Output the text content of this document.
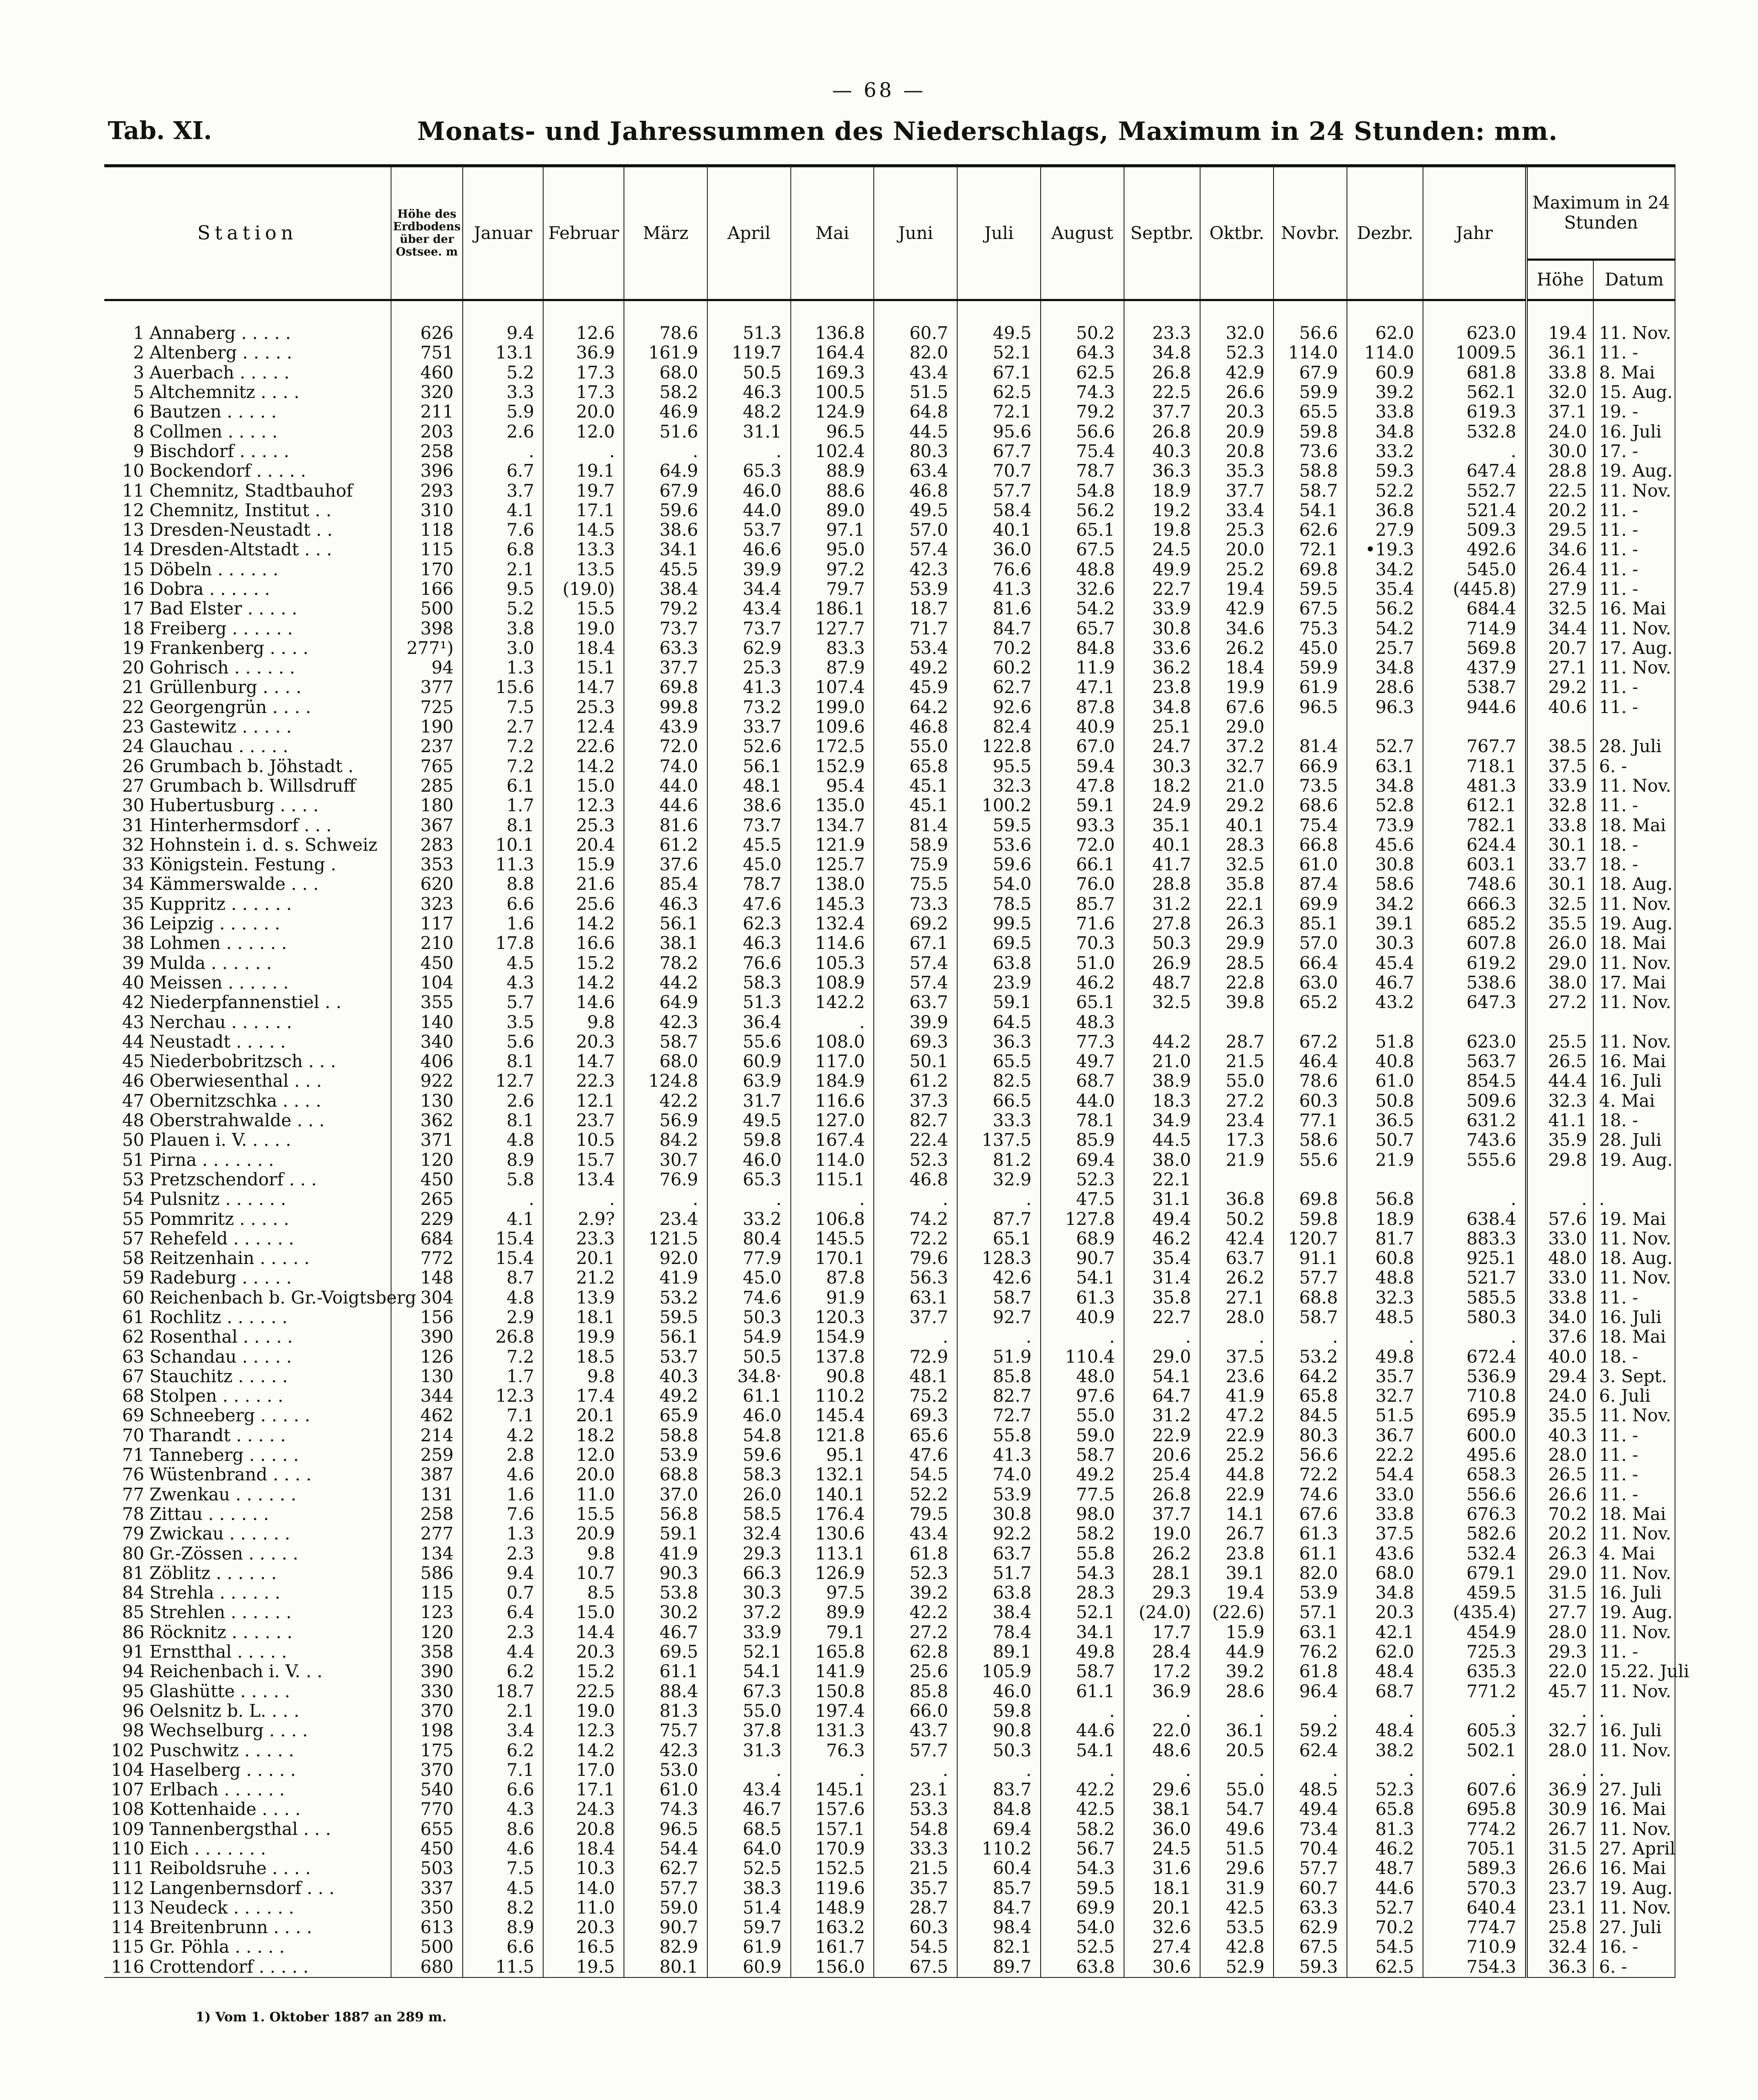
— 68 —
Tab. XI.	Monats- und Jahressummen des Niederschlags, Maximum in 24 Stunden: mm.
Station	Höhe des Erdbodens über der Ostsee. m	Januar	Februar	März	April	Mai	Juni	Juli	August	Septbr.	Oktbr.	Novbr.	Dezbr.	Jahr	Maximum in 24 Stunden	
															Höhe	Datum
1 Annaberg . . . . .	626	9.4	12.6	78.6	51.3	136.8	60.7	49.5	50.2	23.3	32.0	56.6	62.0	623.0	19.4	11. Nov.
2 Altenberg . . . . .	751	13.1	36.9	161.9	119.7	164.4	82.0	52.1	64.3	34.8	52.3	114.0	114.0	1009.5	36.1	11. -
3 Auerbach . . . . .	460	5.2	17.3	68.0	50.5	169.3	43.4	67.1	62.5	26.8	42.9	67.9	60.9	681.8	33.8	8. Mai
5 Altchemnitz . . . .	320	3.3	17.3	58.2	46.3	100.5	51.5	62.5	74.3	22.5	26.6	59.9	39.2	562.1	32.0	15. Aug.
6 Bautzen . . . . .	211	5.9	20.0	46.9	48.2	124.9	64.8	72.1	79.2	37.7	20.3	65.5	33.8	619.3	37.1	19. -
8 Collmen . . . . .	203	2.6	12.0	51.6	31.1	96.5	44.5	95.6	56.6	26.8	20.9	59.8	34.8	532.8	24.0	16. Juli
9 Bischdorf . . . . .	258	.	.	.	.	102.4	80.3	67.7	75.4	40.3	20.8	73.6	33.2	.	30.0	17. -
10 Bockendorf . . . . .	396	6.7	19.1	64.9	65.3	88.9	63.4	70.7	78.7	36.3	35.3	58.8	59.3	647.4	28.8	19. Aug.
11 Chemnitz, Stadtbauhof	293	3.7	19.7	67.9	46.0	88.6	46.8	57.7	54.8	18.9	37.7	58.7	52.2	552.7	22.5	11. Nov.
12 Chemnitz, Institut . .	310	4.1	17.1	59.6	44.0	89.0	49.5	58.4	56.2	19.2	33.4	54.1	36.8	521.4	20.2	11. -
13 Dresden-Neustadt . .	118	7.6	14.5	38.6	53.7	97.1	57.0	40.1	65.1	19.8	25.3	62.6	27.9	509.3	29.5	11. -
14 Dresden-Altstadt . . .	115	6.8	13.3	34.1	46.6	95.0	57.4	36.0	67.5	24.5	20.0	72.1	•19.3	492.6	34.6	11. -
15 Döbeln . . . . . .	170	2.1	13.5	45.5	39.9	97.2	42.3	76.6	48.8	49.9	25.2	69.8	34.2	545.0	26.4	11. -
16 Dobra . . . . . .	166	9.5	(19.0)	38.4	34.4	79.7	53.9	41.3	32.6	22.7	19.4	59.5	35.4	(445.8)	27.9	11. -
17 Bad Elster . . . . .	500	5.2	15.5	79.2	43.4	186.1	18.7	81.6	54.2	33.9	42.9	67.5	56.2	684.4	32.5	16. Mai
18 Freiberg . . . . . .	398	3.8	19.0	73.7	73.7	127.7	71.7	84.7	65.7	30.8	34.6	75.3	54.2	714.9	34.4	11. Nov.
19 Frankenberg . . . .	277¹)	3.0	18.4	63.3	62.9	83.3	53.4	70.2	84.8	33.6	26.2	45.0	25.7	569.8	20.7	17. Aug.
20 Gohrisch . . . . . .	94	1.3	15.1	37.7	25.3	87.9	49.2	60.2	11.9	36.2	18.4	59.9	34.8	437.9	27.1	11. Nov.
21 Grüllenburg . . . .	377	15.6	14.7	69.8	41.3	107.4	45.9	62.7	47.1	23.8	19.9	61.9	28.6	538.7	29.2	11. -
22 Georgengrün . . . .	725	7.5	25.3	99.8	73.2	199.0	64.2	92.6	87.8	34.8	67.6	96.5	96.3	944.6	40.6	11. -
23 Gastewitz . . . . .	190	2.7	12.4	43.9	33.7	109.6	46.8	82.4	40.9	25.1	29.0					
24 Glauchau . . . . .	237	7.2	22.6	72.0	52.6	172.5	55.0	122.8	67.0	24.7	37.2	81.4	52.7	767.7	38.5	28. Juli
26 Grumbach b. Jöhstadt .	765	7.2	14.2	74.0	56.1	152.9	65.8	95.5	59.4	30.3	32.7	66.9	63.1	718.1	37.5	6. -
27 Grumbach b. Willsdruff	285	6.1	15.0	44.0	48.1	95.4	45.1	32.3	47.8	18.2	21.0	73.5	34.8	481.3	33.9	11. Nov.
30 Hubertusburg . . . .	180	1.7	12.3	44.6	38.6	135.0	45.1	100.2	59.1	24.9	29.2	68.6	52.8	612.1	32.8	11. -
31 Hinterhermsdorf . . .	367	8.1	25.3	81.6	73.7	134.7	81.4	59.5	93.3	35.1	40.1	75.4	73.9	782.1	33.8	18. Mai
32 Hohnstein i. d. s. Schweiz	283	10.1	20.4	61.2	45.5	121.9	58.9	53.6	72.0	40.1	28.3	66.8	45.6	624.4	30.1	18. -
33 Königstein. Festung .	353	11.3	15.9	37.6	45.0	125.7	75.9	59.6	66.1	41.7	32.5	61.0	30.8	603.1	33.7	18. -
34 Kämmerswalde . . .	620	8.8	21.6	85.4	78.7	138.0	75.5	54.0	76.0	28.8	35.8	87.4	58.6	748.6	30.1	18. Aug.
35 Kuppritz . . . . . .	323	6.6	25.6	46.3	47.6	145.3	73.3	78.5	85.7	31.2	22.1	69.9	34.2	666.3	32.5	11. Nov.
36 Leipzig . . . . . .	117	1.6	14.2	56.1	62.3	132.4	69.2	99.5	71.6	27.8	26.3	85.1	39.1	685.2	35.5	19. Aug.
38 Lohmen . . . . . .	210	17.8	16.6	38.1	46.3	114.6	67.1	69.5	70.3	50.3	29.9	57.0	30.3	607.8	26.0	18. Mai
39 Mulda . . . . . .	450	4.5	15.2	78.2	76.6	105.3	57.4	63.8	51.0	26.9	28.5	66.4	45.4	619.2	29.0	11. Nov.
40 Meissen . . . . . .	104	4.3	14.2	44.2	58.3	108.9	57.4	23.9	46.2	48.7	22.8	63.0	46.7	538.6	38.0	17. Mai
42 Niederpfannenstiel . .	355	5.7	14.6	64.9	51.3	142.2	63.7	59.1	65.1	32.5	39.8	65.2	43.2	647.3	27.2	11. Nov.
43 Nerchau . . . . . .	140	3.5	9.8	42.3	36.4	.	39.9	64.5	48.3							
44 Neustadt . . . . .	340	5.6	20.3	58.7	55.6	108.0	69.3	36.3	77.3	44.2	28.7	67.2	51.8	623.0	25.5	11. Nov.
45 Niederbobritzsch . . .	406	8.1	14.7	68.0	60.9	117.0	50.1	65.5	49.7	21.0	21.5	46.4	40.8	563.7	26.5	16. Mai
46 Oberwiesenthal . . .	922	12.7	22.3	124.8	63.9	184.9	61.2	82.5	68.7	38.9	55.0	78.6	61.0	854.5	44.4	16. Juli
47 Obernitzschka . . . .	130	2.6	12.1	42.2	31.7	116.6	37.3	66.5	44.0	18.3	27.2	60.3	50.8	509.6	32.3	4. Mai
48 Oberstrahwalde . . .	362	8.1	23.7	56.9	49.5	127.0	82.7	33.3	78.1	34.9	23.4	77.1	36.5	631.2	41.1	18. -
50 Plauen i. V. . . . .	371	4.8	10.5	84.2	59.8	167.4	22.4	137.5	85.9	44.5	17.3	58.6	50.7	743.6	35.9	28. Juli
51 Pirna . . . . . . .	120	8.9	15.7	30.7	46.0	114.0	52.3	81.2	69.4	38.0	21.9	55.6	21.9	555.6	29.8	19. Aug.
53 Pretzschendorf . . .	450	5.8	13.4	76.9	65.3	115.1	46.8	32.9	52.3	22.1						
54 Pulsnitz . . . . . .	265	.	.	.	.	.	.	.	47.5	31.1	36.8	69.8	56.8	.	.	.
55 Pommritz . . . . .	229	4.1	2.9?	23.4	33.2	106.8	74.2	87.7	127.8	49.4	50.2	59.8	18.9	638.4	57.6	19. Mai
57 Rehefeld . . . . . .	684	15.4	23.3	121.5	80.4	145.5	72.2	65.1	68.9	46.2	42.4	120.7	81.7	883.3	33.0	11. Nov.
58 Reitzenhain . . . . .	772	15.4	20.1	92.0	77.9	170.1	79.6	128.3	90.7	35.4	63.7	91.1	60.8	925.1	48.0	18. Aug.
59 Radeburg . . . . .	148	8.7	21.2	41.9	45.0	87.8	56.3	42.6	54.1	31.4	26.2	57.7	48.8	521.7	33.0	11. Nov.
60 Reichenbach b. Gr.-Voigtsberg	304	4.8	13.9	53.2	74.6	91.9	63.1	58.7	61.3	35.8	27.1	68.8	32.3	585.5	33.8	11. -
61 Rochlitz . . . . . .	156	2.9	18.1	59.5	50.3	120.3	37.7	92.7	40.9	22.7	28.0	58.7	48.5	580.3	34.0	16. Juli
62 Rosenthal . . . . .	390	26.8	19.9	56.1	54.9	154.9	.	.	.	.	.	.	.	.	37.6	18. Mai
63 Schandau . . . . .	126	7.2	18.5	53.7	50.5	137.8	72.9	51.9	110.4	29.0	37.5	53.2	49.8	672.4	40.0	18. -
67 Stauchitz . . . . .	130	1.7	9.8	40.3	34.8·	90.8	48.1	85.8	48.0	54.1	23.6	64.2	35.7	536.9	29.4	3. Sept.
68 Stolpen . . . . . .	344	12.3	17.4	49.2	61.1	110.2	75.2	82.7	97.6	64.7	41.9	65.8	32.7	710.8	24.0	6. Juli
69 Schneeberg . . . . .	462	7.1	20.1	65.9	46.0	145.4	69.3	72.7	55.0	31.2	47.2	84.5	51.5	695.9	35.5	11. Nov.
70 Tharandt . . . . .	214	4.2	18.2	58.8	54.8	121.8	65.6	55.8	59.0	22.9	22.9	80.3	36.7	600.0	40.3	11. -
71 Tanneberg . . . . .	259	2.8	12.0	53.9	59.6	95.1	47.6	41.3	58.7	20.6	25.2	56.6	22.2	495.6	28.0	11. -
76 Wüstenbrand . . . .	387	4.6	20.0	68.8	58.3	132.1	54.5	74.0	49.2	25.4	44.8	72.2	54.4	658.3	26.5	11. -
77 Zwenkau . . . . . .	131	1.6	11.0	37.0	26.0	140.1	52.2	53.9	77.5	26.8	22.9	74.6	33.0	556.6	26.6	11. -
78 Zittau . . . . . .	258	7.6	15.5	56.8	58.5	176.4	79.5	30.8	98.0	37.7	14.1	67.6	33.8	676.3	70.2	18. Mai
79 Zwickau . . . . . .	277	1.3	20.9	59.1	32.4	130.6	43.4	92.2	58.2	19.0	26.7	61.3	37.5	582.6	20.2	11. Nov.
80 Gr.-Zössen . . . . .	134	2.3	9.8	41.9	29.3	113.1	61.8	63.7	55.8	26.2	23.8	61.1	43.6	532.4	26.3	4. Mai
81 Zöblitz . . . . . .	586	9.4	10.7	90.3	66.3	126.9	52.3	51.7	54.3	28.1	39.1	82.0	68.0	679.1	29.0	11. Nov.
84 Strehla . . . . . .	115	0.7	8.5	53.8	30.3	97.5	39.2	63.8	28.3	29.3	19.4	53.9	34.8	459.5	31.5	16. Juli
85 Strehlen . . . . . .	123	6.4	15.0	30.2	37.2	89.9	42.2	38.4	52.1	(24.0)	(22.6)	57.1	20.3	(435.4)	27.7	19. Aug.
86 Röcknitz . . . . . .	120	2.3	14.4	46.7	33.9	79.1	27.2	78.4	34.1	17.7	15.9	63.1	42.1	454.9	28.0	11. Nov.
91 Ernstthal . . . . .	358	4.4	20.3	69.5	52.1	165.8	62.8	89.1	49.8	28.4	44.9	76.2	62.0	725.3	29.3	11. -
94 Reichenbach i. V. . .	390	6.2	15.2	61.1	54.1	141.9	25.6	105.9	58.7	17.2	39.2	61.8	48.4	635.3	22.0	15.22. Juli
95 Glashütte . . . . .	330	18.7	22.5	88.4	67.3	150.8	85.8	46.0	61.1	36.9	28.6	96.4	68.7	771.2	45.7	11. Nov.
96 Oelsnitz b. L. . . .	370	2.1	19.0	81.3	55.0	197.4	66.0	59.8	.	.	.	.	.	.	.	.
98 Wechselburg . . . .	198	3.4	12.3	75.7	37.8	131.3	43.7	90.8	44.6	22.0	36.1	59.2	48.4	605.3	32.7	16. Juli
102 Puschwitz . . . . .	175	6.2	14.2	42.3	31.3	76.3	57.7	50.3	54.1	48.6	20.5	62.4	38.2	502.1	28.0	11. Nov.
104 Haselberg . . . . .	370	7.1	17.0	53.0	.	.	.	.	.	.	.	.	.	.	.	.
107 Erlbach . . . . . .	540	6.6	17.1	61.0	43.4	145.1	23.1	83.7	42.2	29.6	55.0	48.5	52.3	607.6	36.9	27. Juli
108 Kottenhaide . . . .	770	4.3	24.3	74.3	46.7	157.6	53.3	84.8	42.5	38.1	54.7	49.4	65.8	695.8	30.9	16. Mai
109 Tannenbergsthal . . .	655	8.6	20.8	96.5	68.5	157.1	54.8	69.4	58.2	36.0	49.6	73.4	81.3	774.2	26.7	11. Nov.
110 Eich . . . . . . .	450	4.6	18.4	54.4	64.0	170.9	33.3	110.2	56.7	24.5	51.5	70.4	46.2	705.1	31.5	27. April
111 Reiboldsruhe . . . .	503	7.5	10.3	62.7	52.5	152.5	21.5	60.4	54.3	31.6	29.6	57.7	48.7	589.3	26.6	16. Mai
112 Langenbernsdorf . . .	337	4.5	14.0	57.7	38.3	119.6	35.7	85.7	59.5	18.1	31.9	60.7	44.6	570.3	23.7	19. Aug.
113 Neudeck . . . . . .	350	8.2	11.0	59.0	51.4	148.9	28.7	84.7	69.9	20.1	42.5	63.3	52.7	640.4	23.1	11. Nov.
114 Breitenbrunn . . . .	613	8.9	20.3	90.7	59.7	163.2	60.3	98.4	54.0	32.6	53.5	62.9	70.2	774.7	25.8	27. Juli
115 Gr. Pöhla . . . . .	500	6.6	16.5	82.9	61.9	161.7	54.5	82.1	52.5	27.4	42.8	67.5	54.5	710.9	32.4	16. -
116 Crottendorf . . . . .	680	11.5	19.5	80.1	60.9	156.0	67.5	89.7	63.8	30.6	52.9	59.3	62.5	754.3	36.3	6. -
1) Vom 1. Oktober 1887 an 289 m.
